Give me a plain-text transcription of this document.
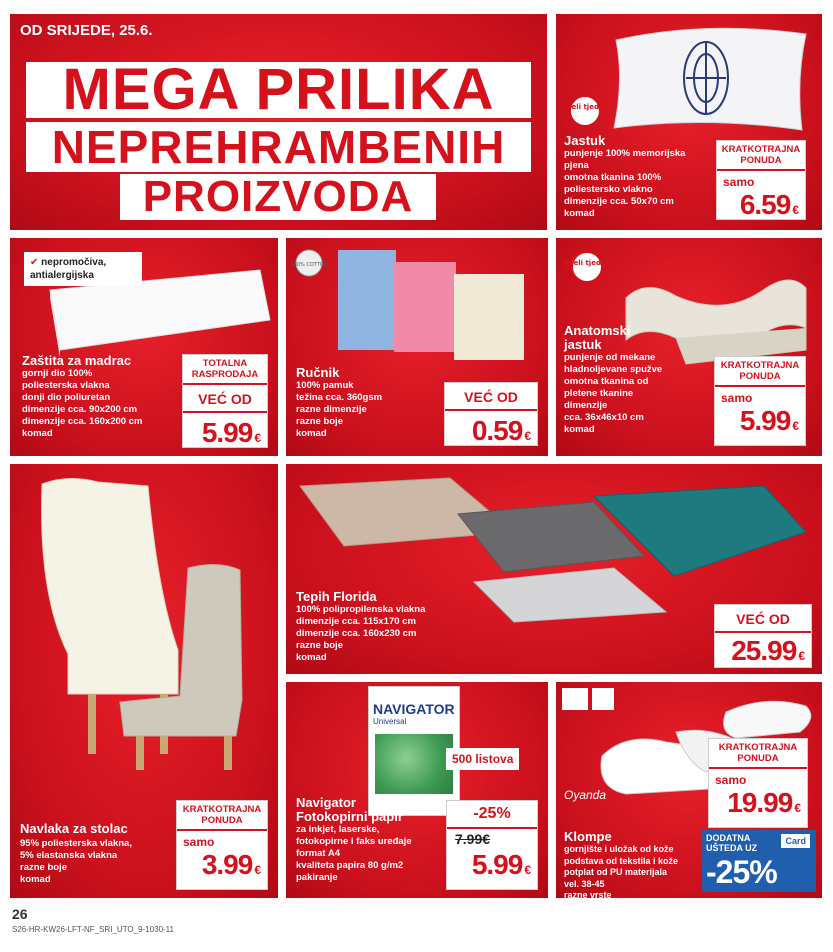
OD SRIJEDE, 25.6.
MEGA PRILIKA
NEPREHRAMBENIH
PROIZVODA
Bijeli tjedan
Jastuk
punjenje 100% memorijska
pjena
omotna tkanina 100%
poliestersko vlakno
dimenzije cca. 50x70 cm
komad
KRATKOTRAJNA PONUDA
samo
6.59 €
✔ nepromočiva, antialergijska
Zaštita za madrac
gornji dio 100%
poliesterska vlakna
donji dio poliuretan
dimenzije cca. 90x200 cm
dimenzije cca. 160x200 cm
komad
TOTALNA RASPRODAJA
VEĆ OD
5.99 €
100% COTTON
Ručnik
100% pamuk
težina cca. 360gsm
razne dimenzije
razne boje
komad
VEĆ OD
0.59 €
Bijeli tjedan
Anatomski jastuk
punjenje od mekane
hladnoljevane spužve
omotna tkanina od
pletene tkanine
dimenzije
cca. 36x46x10 cm
komad
KRATKOTRAJNA PONUDA
samo
5.99 €
Navlaka za stolac
95% poliesterska vlakna,
5% elastanska vlakna
razne boje
komad
KRATKOTRAJNA PONUDA
samo
3.99 €
Tepih Florida
100% polipropilenska vlakna
dimenzije cca. 115x170 cm
dimenzije cca. 160x230 cm
razne boje
komad
VEĆ OD
25.99 €
NAVIGATOR
Universal
500 listova
Navigator Fotokopirni papir
za inkjet, laserske,
fotokopirne i faks uređaje
format A4
kvaliteta papira 80 g/m2
pakiranje
-25%
7.99€
5.99 €
Oyanda
Klompe
gornjište i uložak od kože
podstava od tekstila i kože
potplat od PU materijala
vel. 38-45
razne vrste
par
KRATKOTRAJNA PONUDA
samo
19.99 €
DODATNA
UŠTEDA UZ
Card
-25%
26
S26-HR-KW26-LFT-NF_SRI_UTO_9-1030-11
